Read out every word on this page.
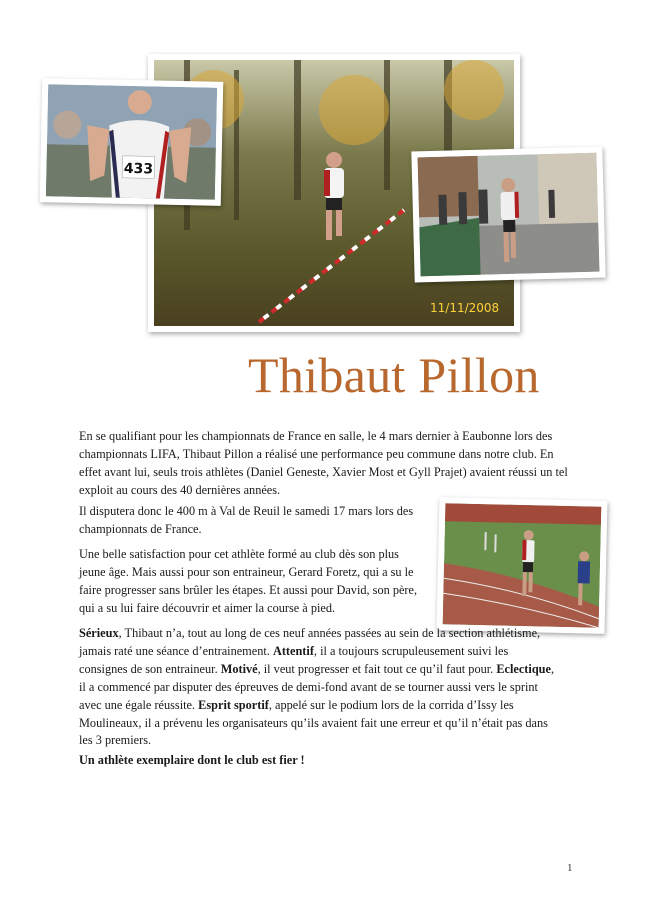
11/11/2008
433
Thibaut Pillon

En se qualifiant pour les championnats de France en salle, le 4 mars dernier à Eaubonne lors des championnats LIFA, Thibaut Pillon a réalisé une performance peu commune dans notre club. En effet avant lui, seuls trois athlètes (Daniel Geneste, Xavier Most et Gyll Prajet) avaient réussi un tel exploit au cours des 40 dernières années.

Il disputera donc le 400 m à Val de Reuil le samedi 17 mars lors des championnats de France.

Une belle satisfaction pour cet athlète formé au club dès son plus jeune âge. Mais aussi pour son entraineur, Gerard Foretz, qui a su le faire progresser sans brûler les étapes. Et aussi pour David, son père, qui a su lui faire découvrir et aimer la course à pied.

Sérieux, Thibaut n’a, tout au long de ces neuf années passées au sein de la section athlétisme, jamais raté une séance d’entrainement. Attentif, il a toujours scrupuleusement suivi les consignes de son entraineur. Motivé, il veut progresser et fait tout ce qu’il faut pour. Eclectique, il a commencé par disputer des épreuves de demi-fond avant de se tourner aussi vers le sprint avec une égale réussite. Esprit sportif, appelé sur le podium lors de la corrida d’Issy les Moulineaux, il a prévenu les organisateurs qu’ils avaient fait une erreur et qu’il n’était pas dans les 3 premiers.

Un athlète exemplaire dont le club est fier !

1
